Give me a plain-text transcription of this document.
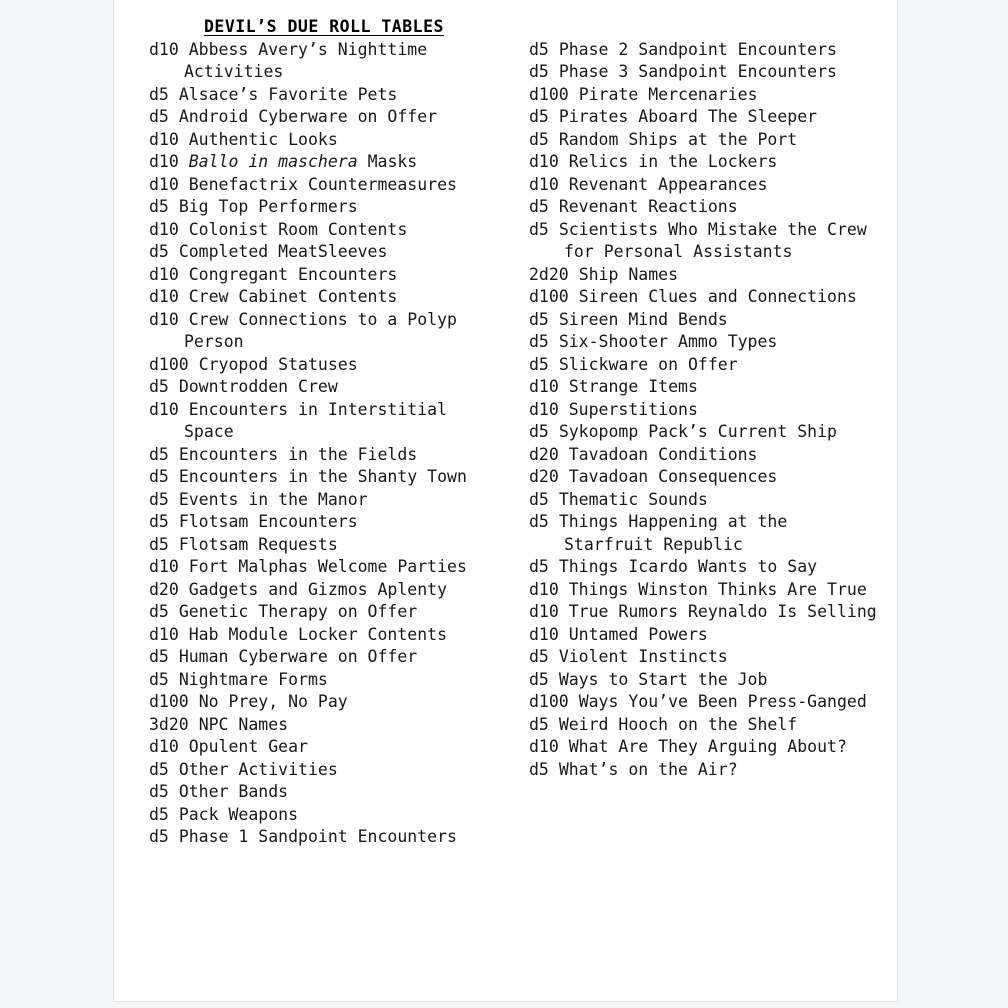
DEVIL’S DUE ROLL TABLES
d10 Abbess Avery’s Nighttime Activities
d5 Alsace’s Favorite Pets
d5 Android Cyberware on Offer
d10 Authentic Looks
d10 Ballo in maschera Masks
d10 Benefactrix Countermeasures
d5 Big Top Performers
d10 Colonist Room Contents
d5 Completed MeatSleeves
d10 Congregant Encounters
d10 Crew Cabinet Contents
d10 Crew Connections to a Polyp Person
d100 Cryopod Statuses
d5 Downtrodden Crew
d10 Encounters in Interstitial Space
d5 Encounters in the Fields
d5 Encounters in the Shanty Town
d5 Events in the Manor
d5 Flotsam Encounters
d5 Flotsam Requests
d10 Fort Malphas Welcome Parties
d20 Gadgets and Gizmos Aplenty
d5 Genetic Therapy on Offer
d10 Hab Module Locker Contents
d5 Human Cyberware on Offer
d5 Nightmare Forms
d100 No Prey, No Pay
3d20 NPC Names
d10 Opulent Gear
d5 Other Activities
d5 Other Bands
d5 Pack Weapons
d5 Phase 1 Sandpoint Encounters
d5 Phase 2 Sandpoint Encounters
d5 Phase 3 Sandpoint Encounters
d100 Pirate Mercenaries
d5 Pirates Aboard The Sleeper
d5 Random Ships at the Port
d10 Relics in the Lockers
d10 Revenant Appearances
d5 Revenant Reactions
d5 Scientists Who Mistake the Crew for Personal Assistants
2d20 Ship Names
d100 Sireen Clues and Connections
d5 Sireen Mind Bends
d5 Six-Shooter Ammo Types
d5 Slickware on Offer
d10 Strange Items
d10 Superstitions
d5 Sykopomp Pack’s Current Ship
d20 Tavadoan Conditions
d20 Tavadoan Consequences
d5 Thematic Sounds
d5 Things Happening at the Starfruit Republic
d5 Things Icardo Wants to Say
d10 Things Winston Thinks Are True
d10 True Rumors Reynaldo Is Selling
d10 Untamed Powers
d5 Violent Instincts
d5 Ways to Start the Job
d100 Ways You’ve Been Press-Ganged
d5 Weird Hooch on the Shelf
d10 What Are They Arguing About?
d5 What’s on the Air?
